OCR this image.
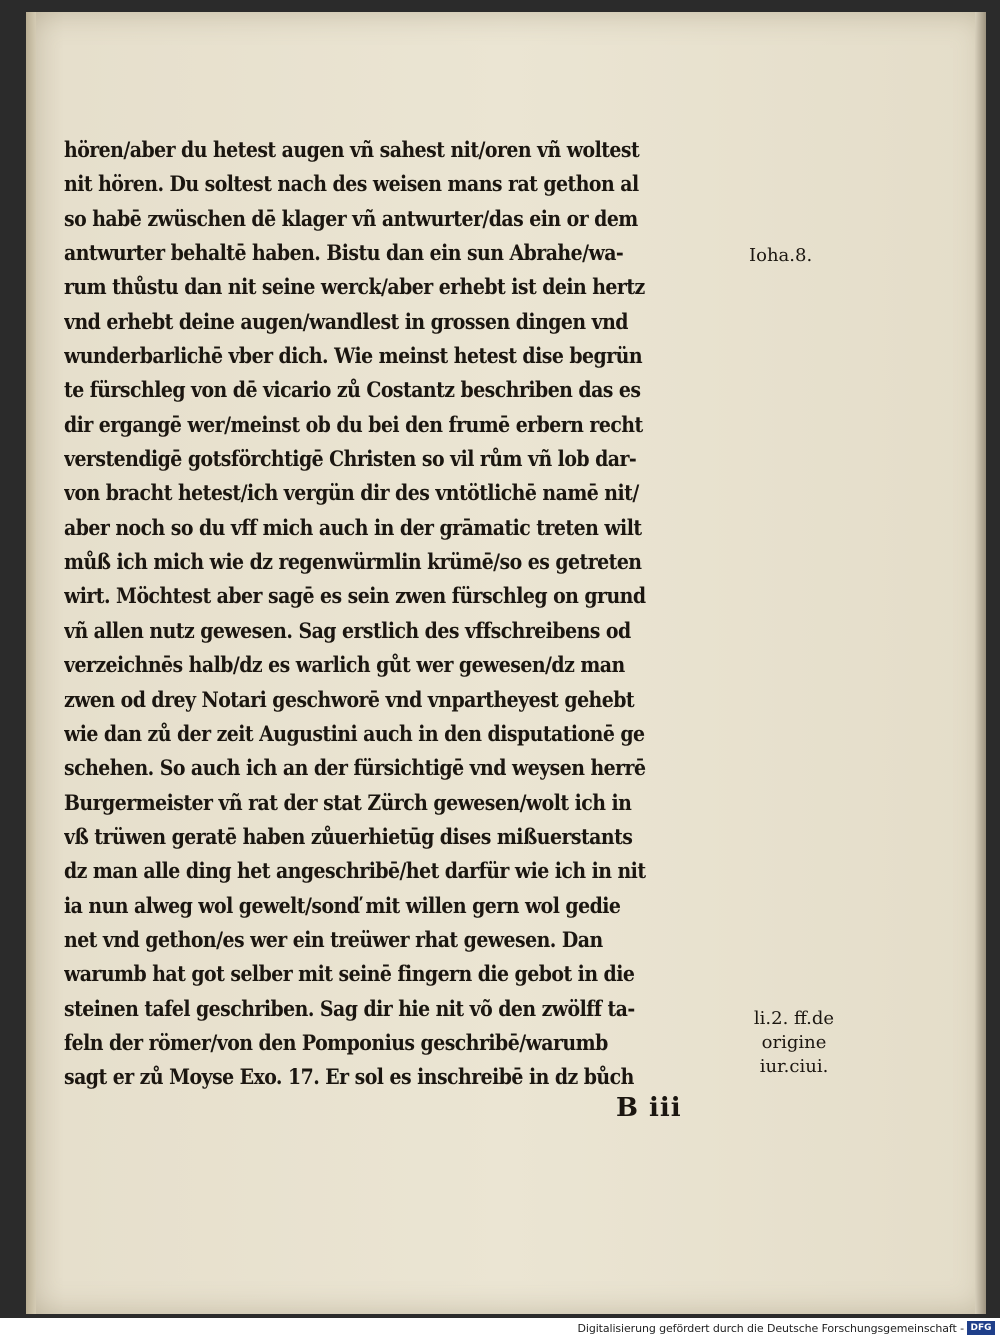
hören/aber du hetest augen vñ sahest nit/oren vñ woltest
nit hören. Du soltest nach des weisen mans rat gethon al
so habē zwüschen dē klager vñ antwurter/das ein or dem
antwurter behaltē haben. Bistu dan ein sun Abrahe/wa-
rum thůstu dan nit seine werck/aber erhebt ist dein hertz
vnd erhebt deine augen/wandlest in grossen dingen vnd
wunderbarlichē vber dich. Wie meinst hetest dise begrün
te fürschleg von dē vicario zů Costantz beschriben das es
dir ergangē wer/meinst ob du bei den frumē erbern recht
verstendigē gotsförchtigē Christen so vil rům vñ lob dar-
von bracht hetest/ich vergün dir des vntötlichē namē nit/
aber noch so du vff mich auch in der grāmatic treten wilt
můß ich mich wie dz regenwürmlin krümē/so es getreten
wirt. Möchtest aber sagē es sein zwen fürschleg on grund
vñ allen nutz gewesen. Sag erstlich des vffschreibens od
verzeichnēs halb/dz es warlich gůt wer gewesen/dz man
zwen od drey Notari geschworē vnd vnpartheyest gehebt
wie dan zů der zeit Augustini auch in den disputationē ge
schehen. So auch ich an der fürsichtigē vnd weysen herrē
Burgermeister vñ rat der stat Zürch gewesen/wolt ich in
vß trüwen geratē haben zůuerhietūg dises mißuerstants
dz man alle ding het angeschribē/het darfür wie ich in nit
ia nun alweg wol gewelt/sonď mit willen gern wol gedie
net vnd gethon/es wer ein treüwer rhat gewesen. Dan
warumb hat got selber mit seinē fingern die gebot in die
steinen tafel geschriben. Sag dir hie nit võ den zwölff ta-
feln der römer/von den Pomponius geschribē/warumb
sagt er zů Moyse Exo. 17. Er sol es inschreibē in dz bůch

Ioha.8.

li.2. ff.de
origine
iur.ciui.
B iii

Digitalisierung gefördert durch die Deutsche Forschungsgemeinschaft - DFG
